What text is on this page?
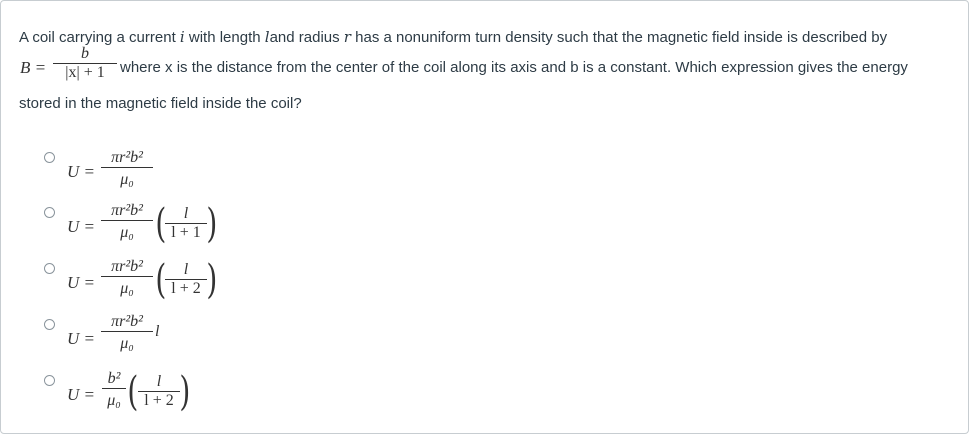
A coil carrying a current i with length land radius r has a nonuniform turn density such that the magnetic field inside is described by
stored in the magnetic field inside the coil?
B =
b
|x| + 1	where x is the distance from the center of the coil along its axis and b is a constant. Which expression gives the energy
U =
πr²b²
μ₀
U =
πr²b²
μ₀ (	l
l + 1 )
U =
πr²b²
μ₀ (	l
l + 2 )
U =
πr²b²
μ₀
l
U =
b²
μ₀ (	l
l + 2 )
